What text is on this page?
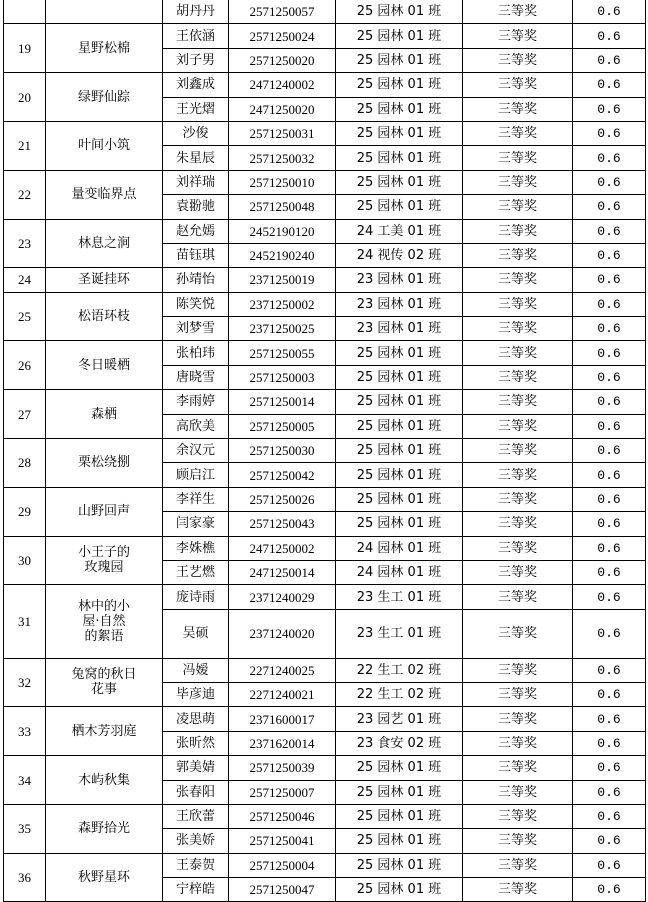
		胡丹丹	2571250057	25 园林 01 班	三等奖	0.6
19	星野松棉	王依涵	2571250024	25 园林 01 班	三等奖	0.6
		刘子男	2571250020	25 园林 01 班	三等奖	0.6
20	绿野仙踪	刘鑫成	2471240002	25 园林 01 班	三等奖	0.6
		王光熠	2471250020	25 园林 01 班	三等奖	0.6
21	叶间小筑	沙俊	2571250031	25 园林 01 班	三等奖	0.6
		朱星辰	2571250032	25 园林 01 班	三等奖	0.6
22	量变临界点	刘祥瑞	2571250010	25 园林 01 班	三等奖	0.6
		袁翂驰	2571250048	25 园林 01 班	三等奖	0.6
23	林息之涧	赵允嫣	2452190120	24 工美 01 班	三等奖	0.6
		苗钰琪	2452190240	24 视传 02 班	三等奖	0.6
24	圣诞挂环	孙靖怡	2371250019	23 园林 01 班	三等奖	0.6
25	松语环枝	陈笑悦	2371250002	23 园林 01 班	三等奖	0.6
		刘梦雪	2371250025	23 园林 01 班	三等奖	0.6
26	冬日暖栖	张柏玮	2571250055	25 园林 01 班	三等奖	0.6
		唐晓雪	2571250003	25 园林 01 班	三等奖	0.6
27	森栖	李雨婷	2571250014	25 园林 01 班	三等奖	0.6
		高欣美	2571250005	25 园林 01 班	三等奖	0.6
28	栗松绕捌	余汉元	2571250030	25 园林 01 班	三等奖	0.6
		顾启江	2571250042	25 园林 01 班	三等奖	0.6
29	山野回声	李祥生	2571250026	25 园林 01 班	三等奖	0.6
		闫家豪	2571250043	25 园林 01 班	三等奖	0.6
30	小王子的
玫瑰园	李姝樵	2471250002	24 园林 01 班	三等奖	0.6
		王艺燃	2471250014	24 园林 01 班	三等奖	0.6
31	林中的小
屋·自然
的絮语	庞诗雨	2371240029	23 生工 01 班	三等奖	0.6
		吴硕	2371240020	23 生工 01 班	三等奖	0.6
32	兔窝的秋日
花事	冯嫒	2271240025	22 生工 02 班	三等奖	0.6
		毕彦迪	2271240021	22 生工 02 班	三等奖	0.6
33	栖木芳羽庭	凌思萌	2371600017	23 园艺 01 班	三等奖	0.6
		张昕然	2371620014	23 食安 02 班	三等奖	0.6
34	木屿秋集	郭美婧	2571250039	25 园林 01 班	三等奖	0.6
		张春阳	2571250007	25 园林 01 班	三等奖	0.6
35	森野拾光	王欣蕾	2571250046	25 园林 01 班	三等奖	0.6
		张美娇	2571250041	25 园林 01 班	三等奖	0.6
36	秋野星环	王泰贺	2571250004	25 园林 01 班	三等奖	0.6
		宁梓皓	2571250047	25 园林 01 班	三等奖	0.6
